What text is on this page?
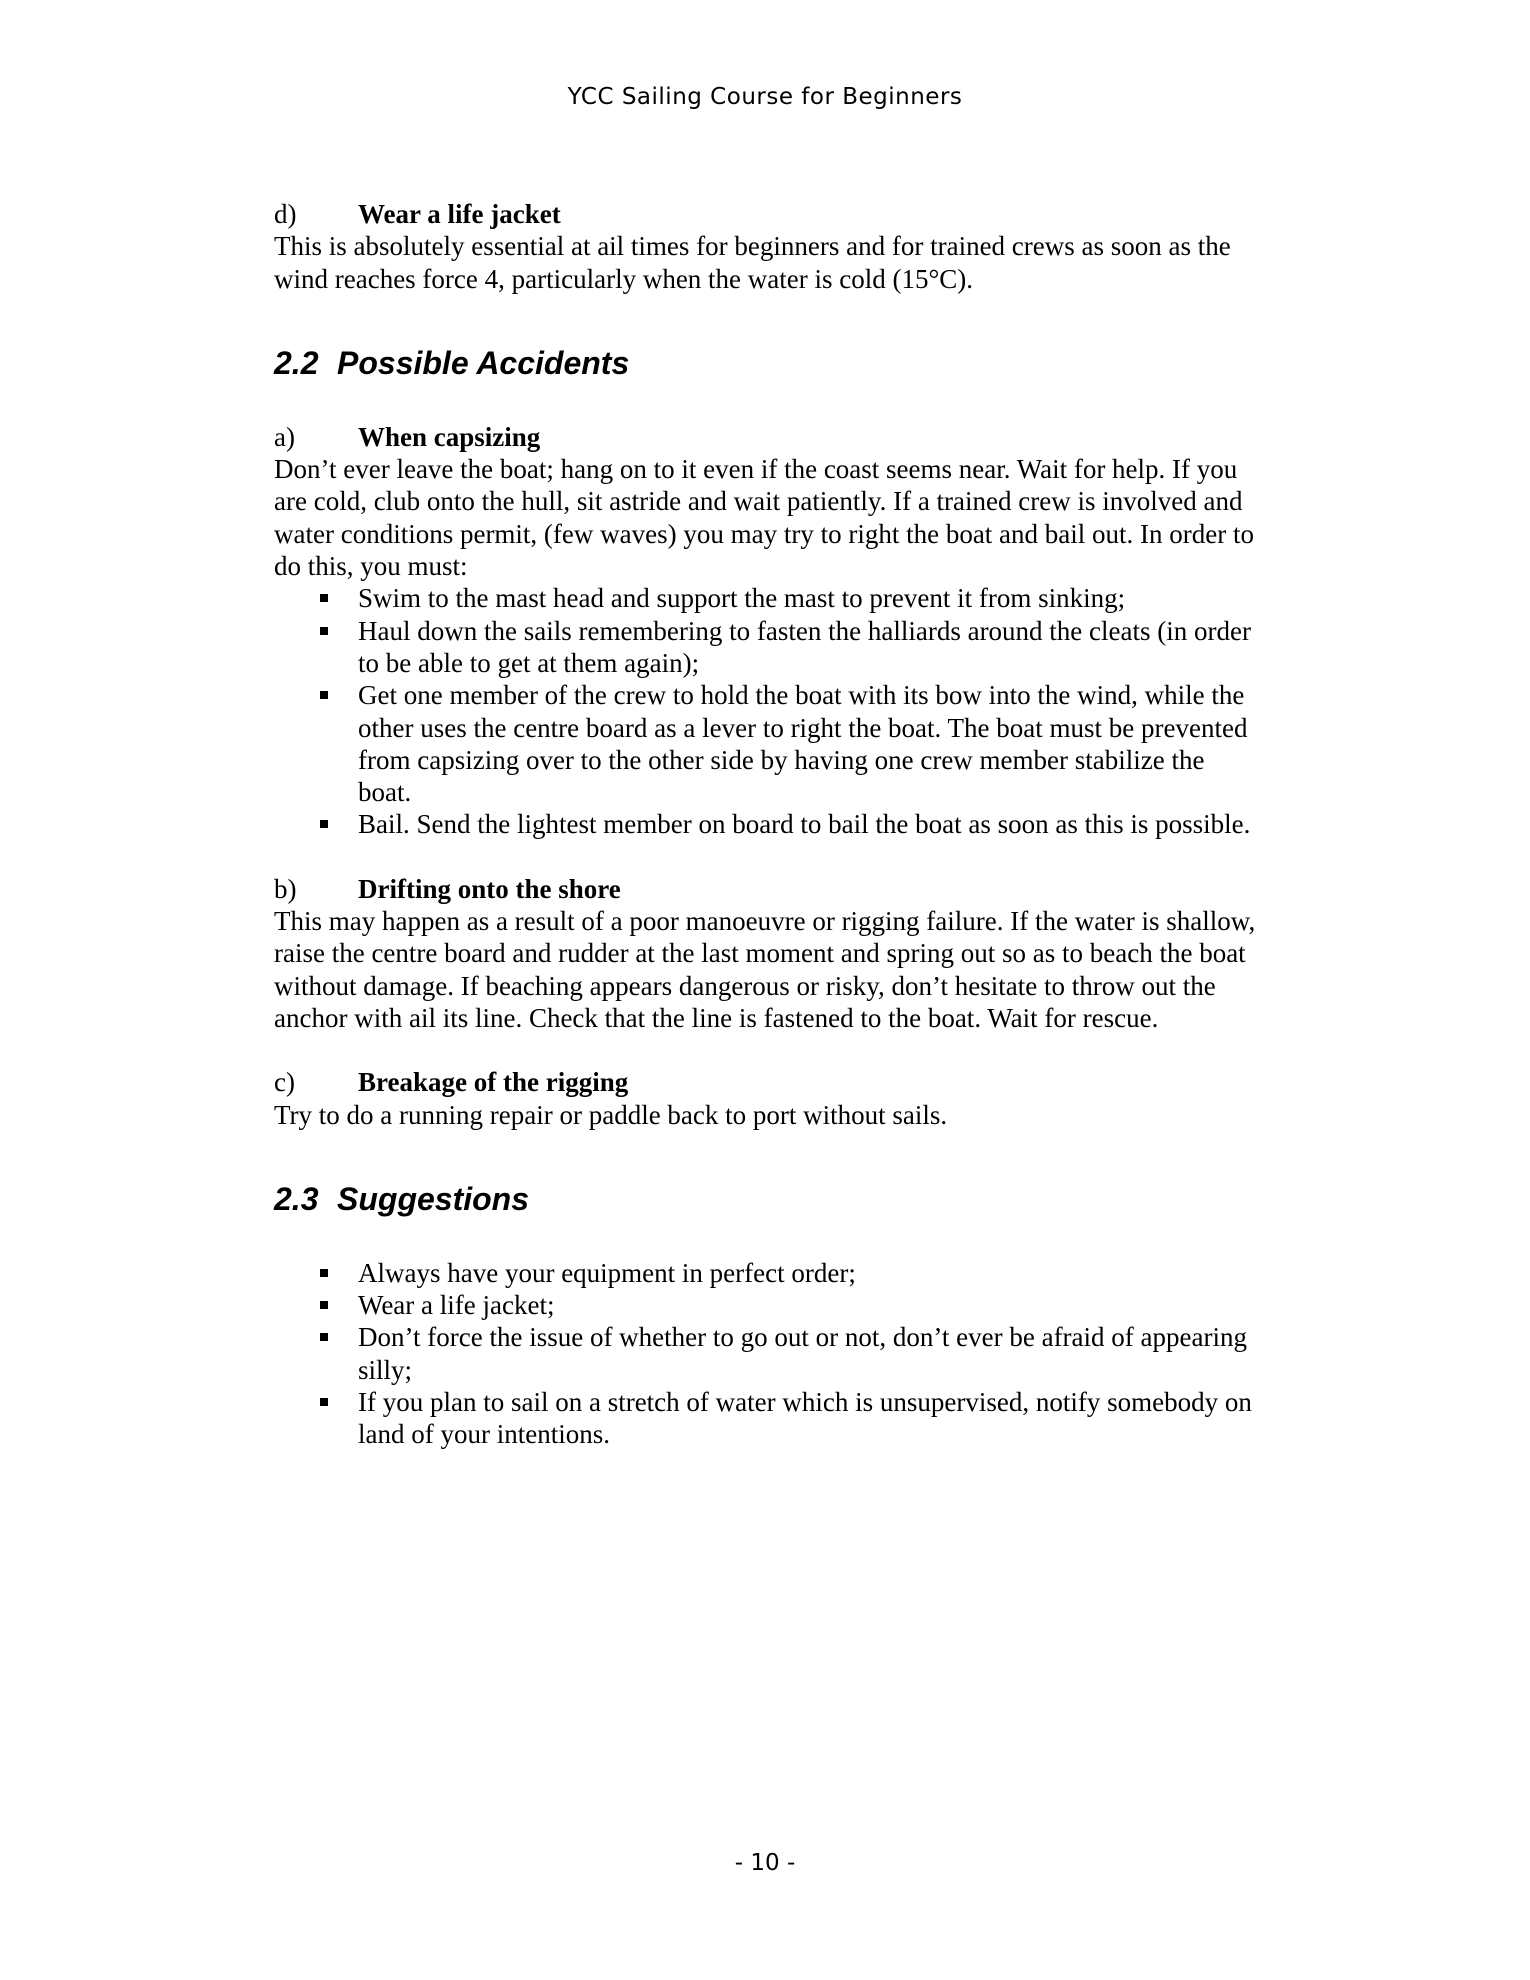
YCC Sailing Course for Beginners
d) Wear a life jacket

This is absolutely essential at ail times for beginners and for trained crews as soon as the wind reaches force 4, particularly when the water is cold (15°C).

2.2 Possible Accidents
a) When capsizing

Don’t ever leave the boat; hang on to it even if the coast seems near. Wait for help. If you are cold, club onto the hull, sit astride and wait patiently. If a trained crew is involved and water conditions permit, (few waves) you may try to right the boat and bail out. In order to do this, you must:

Swim to the mast head and support the mast to prevent it from sinking;
Haul down the sails remembering to fasten the halliards around the cleats (in order to be able to get at them again);
Get one member of the crew to hold the boat with its bow into the wind, while the other uses the centre board as a lever to right the boat. The boat must be prevented from capsizing over to the other side by having one crew member stabilize the boat.
Bail. Send the lightest member on board to bail the boat as soon as this is possible.
b) Drifting onto the shore

This may happen as a result of a poor manoeuvre or rigging failure. If the water is shallow, raise the centre board and rudder at the last moment and spring out so as to beach the boat without damage. If beaching appears dangerous or risky, don’t hesitate to throw out the anchor with ail its line. Check that the line is fastened to the boat. Wait for rescue.

c) Breakage of the rigging

Try to do a running repair or paddle back to port without sails.

2.3 Suggestions
Always have your equipment in perfect order;
Wear a life jacket;
Don’t force the issue of whether to go out or not, don’t ever be afraid of appearing silly;
If you plan to sail on a stretch of water which is unsupervised, notify somebody on land of your intentions.
- 10 -
